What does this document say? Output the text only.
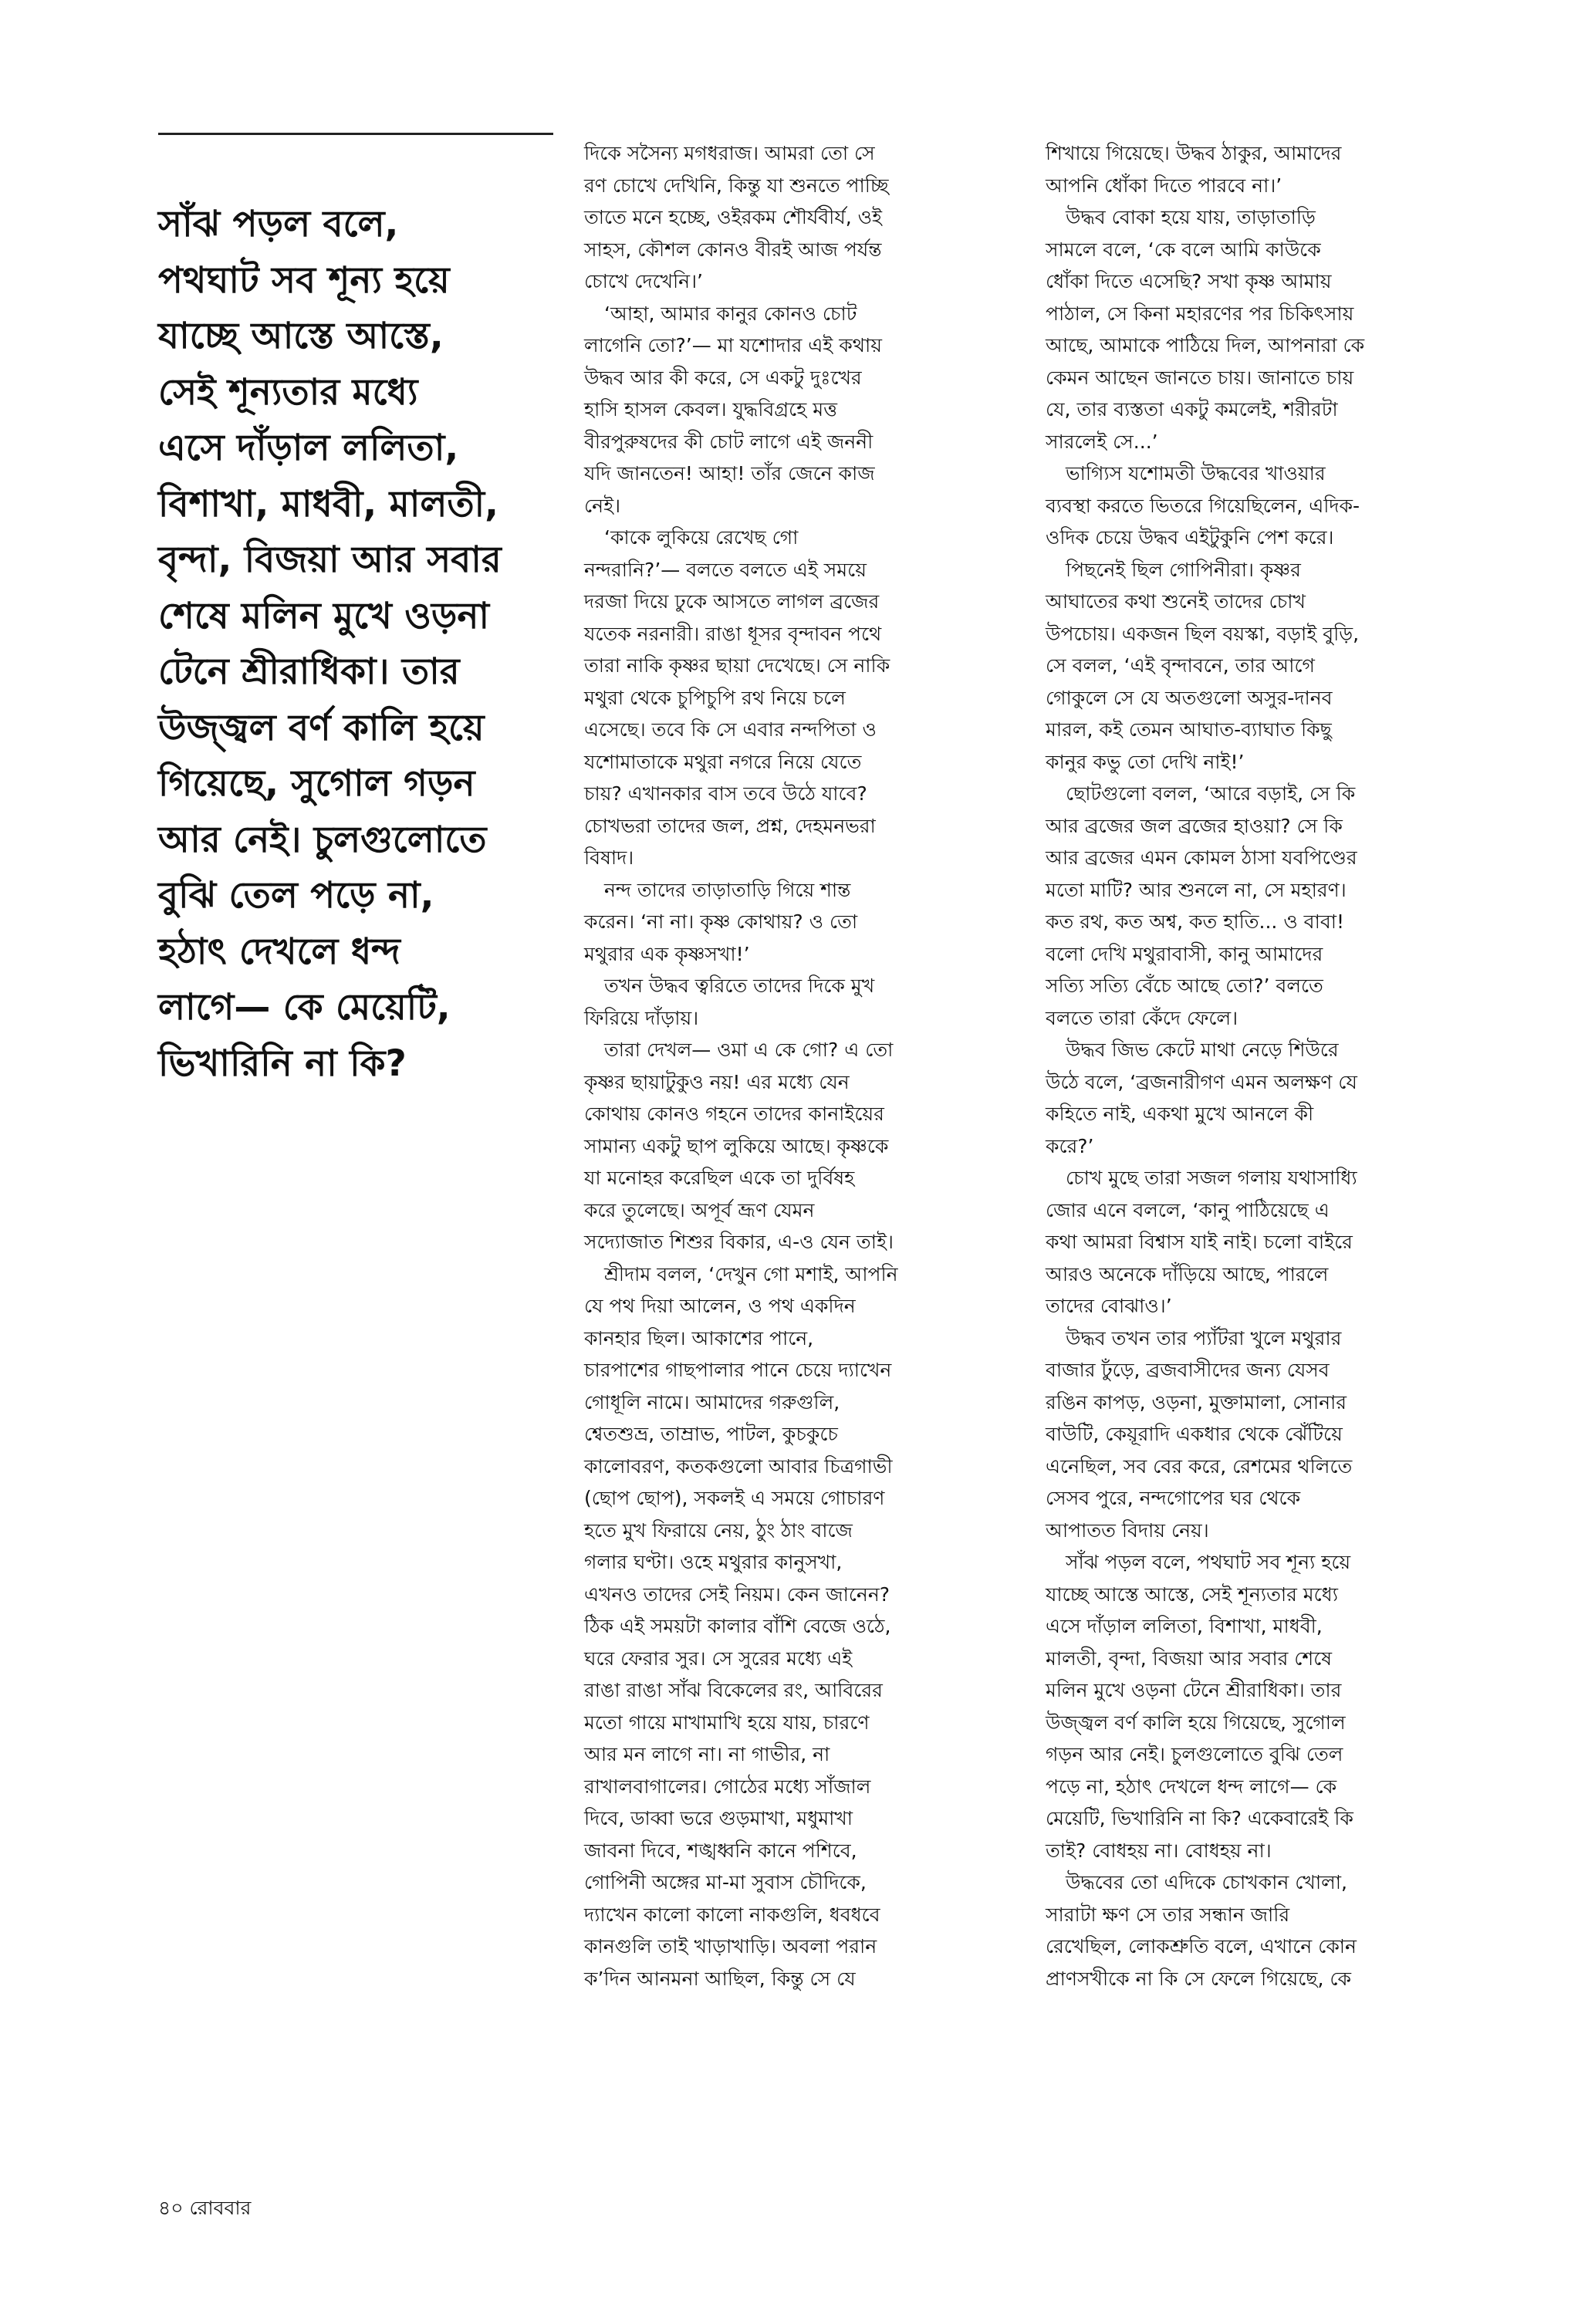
সাঁঝ পড়ল বলে,
পথঘাট সব শূন্য হয়ে
যাচ্ছে আস্তে আস্তে,
সেই শূন্যতার মধ্যে
এসে দাঁড়াল ললিতা,
বিশাখা, মাধবী, মালতী,
বৃন্দা, বিজয়া আর সবার
শেষে মলিন মুখে ওড়না
টেনে শ্রীরাধিকা। তার
উজ্জ্বল বর্ণ কালি হয়ে
গিয়েছে, সুগোল গড়ন
আর নেই। চুলগুলোতে
বুঝি তেল পড়ে না,
হঠাৎ দেখলে ধন্দ
লাগে— কে মেয়েটি,
ভিখারিনি না কি?
দিকে সসৈন্য মগধরাজ। আমরা তো সে
রণ চোখে দেখিনি, কিন্তু যা শুনতে পাচ্ছি
তাতে মনে হচ্ছে, ওইরকম শৌর্যবীর্য, ওই
সাহস, কৌশল কোনও বীরই আজ পর্যন্ত
চোখে দেখেনি।’
‘আহা, আমার কানুর কোনও চোট
লাগেনি তো?’— মা যশোদার এই কথায়
উদ্ধব আর কী করে, সে একটু দুঃখের
হাসি হাসল কেবল। যুদ্ধবিগ্রহে মত্ত
বীরপুরুষদের কী চোট লাগে এই জননী
যদি জানতেন! আহা! তাঁর জেনে কাজ
নেই।
‘কাকে লুকিয়ে রেখেছ গো
নন্দরানি?’— বলতে বলতে এই সময়ে
দরজা দিয়ে ঢুকে আসতে লাগল ব্রজের
যতেক নরনারী। রাঙা ধূসর বৃন্দাবন পথে
তারা নাকি কৃষ্ণর ছায়া দেখেছে। সে নাকি
মথুরা থেকে চুপিচুপি রথ নিয়ে চলে
এসেছে। তবে কি সে এবার নন্দপিতা ও
যশোমাতাকে মথুরা নগরে নিয়ে যেতে
চায়? এখানকার বাস তবে উঠে যাবে?
চোখভরা তাদের জল, প্রশ্ন, দেহমনভরা
বিষাদ।
নন্দ তাদের তাড়াতাড়ি গিয়ে শান্ত
করেন। ‘না না। কৃষ্ণ কোথায়? ও তো
মথুরার এক কৃষ্ণসখা!’
তখন উদ্ধব ত্বরিতে তাদের দিকে মুখ
ফিরিয়ে দাঁড়ায়।
তারা দেখল— ওমা এ কে গো? এ তো
কৃষ্ণর ছায়াটুকুও নয়! এর মধ্যে যেন
কোথায় কোনও গহনে তাদের কানাইয়ের
সামান্য একটু ছাপ লুকিয়ে আছে। কৃষ্ণকে
যা মনোহর করেছিল একে তা দুর্বিষহ
করে তুলেছে। অপূর্ব ভ্রূণ যেমন
সদ্যোজাত শিশুর বিকার, এ-ও যেন তাই।
শ্রীদাম বলল, ‘দেখুন গো মশাই, আপনি
যে পথ দিয়া আলেন, ও পথ একদিন
কানহার ছিল। আকাশের পানে,
চারপাশের গাছপালার পানে চেয়ে দ্যাখেন
গোধূলি নামে। আমাদের গরুগুলি,
শ্বেতশুভ্র, তাম্রাভ, পাটল, কুচকুচে
কালোবরণ, কতকগুলো আবার চিত্রগাভী
(ছোপ ছোপ), সকলই এ সময়ে গোচারণ
হতে মুখ ফিরায়ে নেয়, ঠুং ঠাং বাজে
গলার ঘণ্টা। ওহে মথুরার কানুসখা,
এখনও তাদের সেই নিয়ম। কেন জানেন?
ঠিক এই সময়টা কালার বাঁশি বেজে ওঠে,
ঘরে ফেরার সুর। সে সুরের মধ্যে এই
রাঙা রাঙা সাঁঝ বিকেলের রং, আবিরের
মতো গায়ে মাখামাখি হয়ে যায়, চারণে
আর মন লাগে না। না গাভীর, না
রাখালবাগালের। গোঠের মধ্যে সাঁজাল
দিবে, ডাব্বা ভরে গুড়মাখা, মধুমাখা
জাবনা দিবে, শঙ্খধ্বনি কানে পশিবে,
গোপিনী অঙ্গের মা-মা সুবাস চৌদিকে,
দ্যাখেন কালো কালো নাকগুলি, ধবধবে
কানগুলি তাই খাড়াখাড়ি। অবলা পরান
ক’দিন আনমনা আছিল, কিন্তু সে যে
শিখায়ে গিয়েছে। উদ্ধব ঠাকুর, আমাদের
আপনি ধোঁকা দিতে পারবে না।’
উদ্ধব বোকা হয়ে যায়, তাড়াতাড়ি
সামলে বলে, ‘কে বলে আমি কাউকে
ধোঁকা দিতে এসেছি? সখা কৃষ্ণ আমায়
পাঠাল, সে কিনা মহারণের পর চিকিৎসায়
আছে, আমাকে পাঠিয়ে দিল, আপনারা কে
কেমন আছেন জানতে চায়। জানাতে চায়
যে, তার ব্যস্ততা একটু কমলেই, শরীরটা
সারলেই সে...’
ভাগ্যিস যশোমতী উদ্ধবের খাওয়ার
ব্যবস্থা করতে ভিতরে গিয়েছিলেন, এদিক-
ওদিক চেয়ে উদ্ধব এইটুকুনি পেশ করে।
পিছনেই ছিল গোপিনীরা। কৃষ্ণর
আঘাতের কথা শুনেই তাদের চোখ
উপচোয়। একজন ছিল বয়স্কা, বড়াই বুড়ি,
সে বলল, ‘এই বৃন্দাবনে, তার আগে
গোকুলে সে যে অতগুলো অসুর-দানব
মারল, কই তেমন আঘাত-ব্যাঘাত কিছু
কানুর কভু তো দেখি নাই!’
ছোটগুলো বলল, ‘আরে বড়াই, সে কি
আর ব্রজের জল ব্রজের হাওয়া? সে কি
আর ব্রজের এমন কোমল ঠাসা যবপিণ্ডের
মতো মাটি? আর শুনলে না, সে মহারণ।
কত রথ, কত অশ্ব, কত হাতি... ও বাবা!
বলো দেখি মথুরাবাসী, কানু আমাদের
সত্যি সত্যি বেঁচে আছে তো?’ বলতে
বলতে তারা কেঁদে ফেলে।
উদ্ধব জিভ কেটে মাথা নেড়ে শিউরে
উঠে বলে, ‘ব্রজনারীগণ এমন অলক্ষণ যে
কহিতে নাই, একথা মুখে আনলে কী
করে?’
চোখ মুছে তারা সজল গলায় যথাসাধ্যি
জোর এনে বললে, ‘কানু পাঠিয়েছে এ
কথা আমরা বিশ্বাস যাই নাই। চলো বাইরে
আরও অনেকে দাঁড়িয়ে আছে, পারলে
তাদের বোঝাও।’
উদ্ধব তখন তার প্যাঁটরা খুলে মথুরার
বাজার ঢুঁড়ে, ব্রজবাসীদের জন্য যেসব
রঙিন কাপড়, ওড়না, মুক্তামালা, সোনার
বাউটি, কেয়ূরাদি একধার থেকে ঝেঁটিয়ে
এনেছিল, সব বের করে, রেশমের থলিতে
সেসব পুরে, নন্দগোপের ঘর থেকে
আপাতত বিদায় নেয়।
সাঁঝ পড়ল বলে, পথঘাট সব শূন্য হয়ে
যাচ্ছে আস্তে আস্তে, সেই শূন্যতার মধ্যে
এসে দাঁড়াল ললিতা, বিশাখা, মাধবী,
মালতী, বৃন্দা, বিজয়া আর সবার শেষে
মলিন মুখে ওড়না টেনে শ্রীরাধিকা। তার
উজ্জ্বল বর্ণ কালি হয়ে গিয়েছে, সুগোল
গড়ন আর নেই। চুলগুলোতে বুঝি তেল
পড়ে না, হঠাৎ দেখলে ধন্দ লাগে— কে
মেয়েটি, ভিখারিনি না কি? একেবারেই কি
তাই? বোধহয় না। বোধহয় না।
উদ্ধবের তো এদিকে চোখকান খোলা,
সারাটা ক্ষণ সে তার সন্ধান জারি
রেখেছিল, লোকশ্রুতি বলে, এখানে কোন
প্রাণসখীকে না কি সে ফেলে গিয়েছে, কে
৪০ রোববার
